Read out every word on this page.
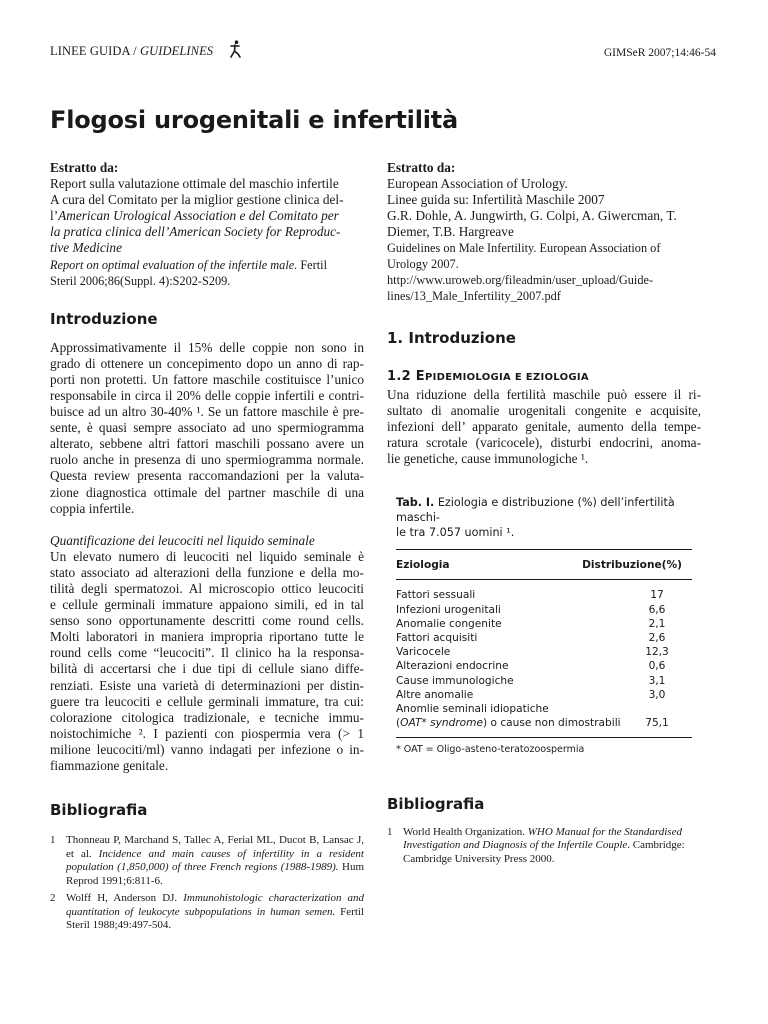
LINEE GUIDA / GUIDELINES	GIMSeR 2007;14:46-54
Flogosi urogenitali e infertilità
Estratto da:
Report sulla valutazione ottimale del maschio infertile
A cura del Comitato per la miglior gestione clinica del-
l’American Urological Association e del Comitato per
la pratica clinica dell’American Society for Reproduc-
tive Medicine
Report on optimal evaluation of the infertile male. Fertil
Steril 2006;86(Suppl. 4):S202-S209.
Introduzione
Approssimativamente il 15% delle coppie non sono in
grado di ottenere un concepimento dopo un anno di rap-
porti non protetti. Un fattore maschile costituisce l’unico
responsabile in circa il 20% delle coppie infertili e contri-
buisce ad un altro 30-40% ¹. Se un fattore maschile è pre-
sente, è quasi sempre associato ad uno spermiogramma
alterato, sebbene altri fattori maschili possano avere un
ruolo anche in presenza di uno spermiogramma normale.
Questa review presenta raccomandazioni per la valuta-
zione diagnostica ottimale del partner maschile di una
coppia infertile.
Quantificazione dei leucociti nel liquido seminale
Un elevato numero di leucociti nel liquido seminale è
stato associato ad alterazioni della funzione e della mo-
tilità degli spermatozoi. Al microscopio ottico leucociti
e cellule germinali immature appaiono simili, ed in tal
senso sono opportunamente descritti come round cells.
Molti laboratori in maniera impropria riportano tutte le
round cells come “leucociti”. Il clinico ha la responsa-
bilità di accertarsi che i due tipi di cellule siano diffe-
renziati. Esiste una varietà di determinazioni per distin-
guere tra leucociti e cellule germinali immature, tra cui:
colorazione citologica tradizionale, e tecniche immu-
noistochimiche ². I pazienti con piospermia vera (> 1
milione leucociti/ml) vanno indagati per infezione o in-
fiammazione genitale.
Bibliografia
1 Thonneau P, Marchand S, Tallec A, Ferial ML, Ducot B, Lansac J, et al. Incidence and main causes of infertility in a resident population (1,850,000) of three French regions (1988-1989). Hum Reprod 1991;6:811-6.
2 Wolff H, Anderson DJ. Immunohistologic characterization and quantitation of leukocyte subpopulations in human semen. Fertil Steril 1988;49:497-504.
Estratto da:
European Association of Urology.
Linee guida su: Infertilità Maschile 2007
G.R. Dohle, A. Jungwirth, G. Colpi, A. Giwercman, T.
Diemer, T.B. Hargreave
Guidelines on Male Infertility. European Association of
Urology 2007.
http://www.uroweb.org/fileadmin/user_upload/Guide-
lines/13_Male_Infertility_2007.pdf
1. Introduzione
1.2 EPIDEMIOLOGIA E EZIOLOGIA
Una riduzione della fertilità maschile può essere il ri-
sultato di anomalie urogenitali congenite e acquisite,
infezioni dell’ apparato genitale, aumento della tempe-
ratura scrotale (varicocele), disturbi endocrini, anoma-
lie genetiche, cause immunologiche ¹.
Tab. I. Eziologia e distribuzione (%) dell’infertilità maschi-
le tra 7.057 uomini ¹.
Eziologia	Distribuzione(%)
Fattori sessuali	17
Infezioni urogenitali	6,6
Anomalie congenite	2,1
Fattori acquisiti	2,6
Varicocele	12,3
Alterazioni endocrine	0,6
Cause immunologiche	3,1
Altre anomalie	3,0
Anomlie seminali idiopatiche
(OAT* syndrome) o cause non dimostrabili	75,1
* OAT = Oligo-asteno-teratozoospermia
Bibliografia
1 World Health Organization. WHO Manual for the Standardised Investigation and Diagnosis of the Infertile Couple. Cambridge: Cambridge University Press 2000.
